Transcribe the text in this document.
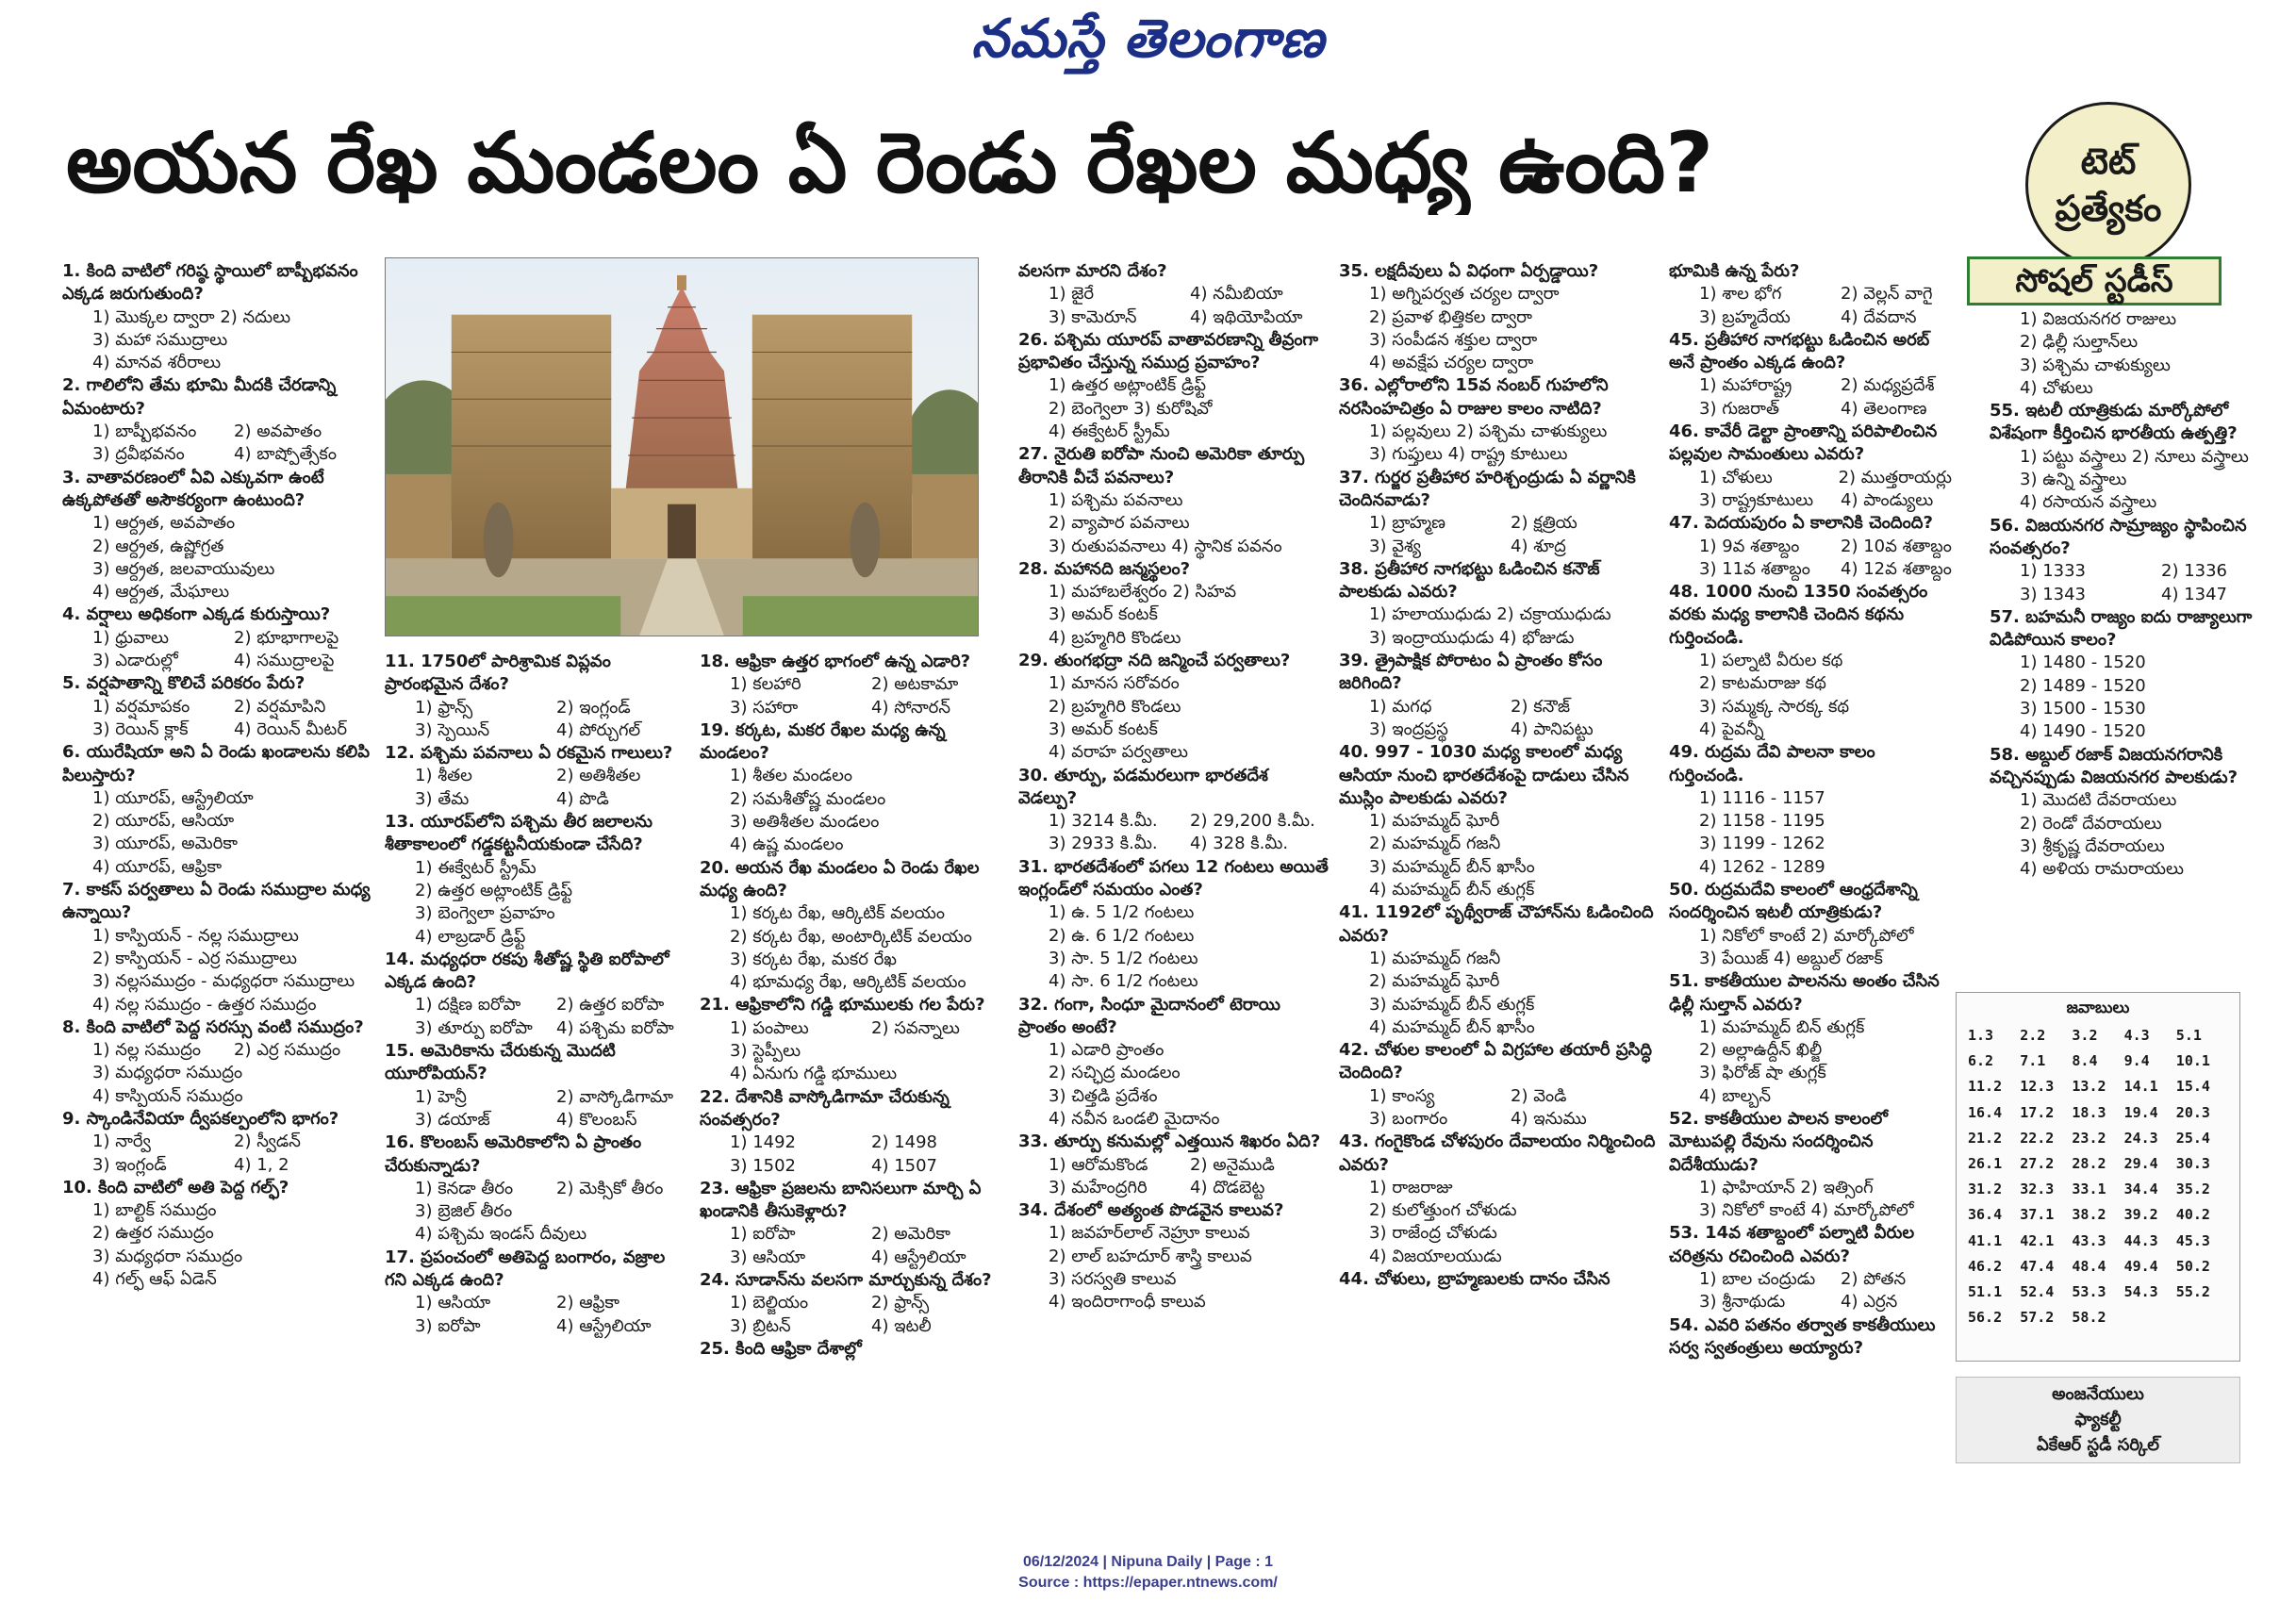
నమస్తే తెలంగాణ
అయన రేఖ మండలం ఏ రెండు రేఖల మధ్య ఉంది?	టెట్
ప్రత్యేకం
సోషల్ స్టడీస్
1. కింది వాటిలో గరిష్ఠ స్థాయిలో బాష్పీభవనం ఎక్కడ జరుగుతుంది?
1) మొక్కల ద్వారా 2) నదులు
3) మహా సముద్రాలు
4) మానవ శరీరాలు
2. గాలిలోని తేమ భూమి మీదకి చేరడాన్ని ఏమంటారు?
1) బాష్పీభవనం	2) అవపాతం
3) ద్రవీభవనం	4) బాష్పోత్సేకం
3. వాతావరణంలో ఏవి ఎక్కువగా ఉంటే ఉక్కపోతతో అసౌకర్యంగా ఉంటుంది?
1) ఆర్ద్రత, అవపాతం
2) ఆర్ద్రత, ఉష్ణోగ్రత
3) ఆర్ద్రత, జలవాయువులు
4) ఆర్ద్రత, మేఘాలు
4. వర్షాలు అధికంగా ఎక్కడ కురుస్తాయి?
1) ధ్రువాలు	2) భూభాగాలపై
3) ఎడారుల్లో	4) సముద్రాలపై
5. వర్షపాతాన్ని కొలిచే పరికరం పేరు?
1) వర్షమాపకం	2) వర్షమాపిని
3) రెయిన్ క్లాక్	4) రెయిన్ మీటర్
6. యురేషియా అని ఏ రెండు ఖండాలను కలిపి పిలుస్తారు?
1) యూరప్, ఆస్ట్రేలియా
2) యూరప్, ఆసియా
3) యూరప్, అమెరికా
4) యూరప్, ఆఫ్రికా
7. కాకస్ పర్వతాలు ఏ రెండు సముద్రాల మధ్య ఉన్నాయి?
1) కాస్పియన్ - నల్ల సముద్రాలు
2) కాస్పియన్ - ఎర్ర సముద్రాలు
3) నల్లసముద్రం - మధ్యధరా సముద్రాలు
4) నల్ల సముద్రం - ఉత్తర సముద్రం
8. కింది వాటిలో పెద్ద సరస్సు వంటి సముద్రం?
1) నల్ల సముద్రం	2) ఎర్ర సముద్రం
3) మధ్యధరా సముద్రం
4) కాస్పియన్ సముద్రం
9. స్కాండినేవియా ద్వీపకల్పంలోని భాగం?
1) నార్వే	2) స్వీడన్
3) ఇంగ్లండ్	4) 1, 2
10. కింది వాటిలో అతి పెద్ద గల్ఫ్?
1) బాల్టిక్ సముద్రం
2) ఉత్తర సముద్రం
3) మధ్యధరా సముద్రం
4) గల్ఫ్ ఆఫ్ ఏడెన్
11. 1750లో పారిశ్రామిక విప్లవం ప్రారంభమైన దేశం?
1) ఫ్రాన్స్	2) ఇంగ్లండ్
3) స్పెయిన్	4) పోర్చుగల్
12. పశ్చిమ పవనాలు ఏ రకమైన గాలులు?
1) శీతల	2) అతిశీతల
3) తేమ	4) పొడి
13. యూరప్‌లోని పశ్చిమ తీర జలాలను శీతాకాలంలో గడ్డకట్టనీయకుండా చేసేది?
1) ఈక్వేటర్ స్ట్రీమ్
2) ఉత్తర అట్లాంటిక్ డ్రిఫ్ట్
3) బెంగ్వెలా ప్రవాహం
4) లాబ్రడార్ డ్రిఫ్ట్
14. మధ్యధరా రకపు శీతోష్ణ స్థితి ఐరోపాలో ఎక్కడ ఉంది?
1) దక్షిణ ఐరోపా	2) ఉత్తర ఐరోపా
3) తూర్పు ఐరోపా	4) పశ్చిమ ఐరోపా
15. అమెరికాను చేరుకున్న మొదటి యూరోపియన్?
1) హెన్రీ	2) వాస్కోడిగామా
3) డయాజ్	4) కొలంబస్
16. కొలంబస్ అమెరికాలోని ఏ ప్రాంతం చేరుకున్నాడు?
1) కెనడా తీరం	2) మెక్సికో తీరం
3) బ్రెజిల్ తీరం
4) పశ్చిమ ఇండస్ దీవులు
17. ప్రపంచంలో అతిపెద్ద బంగారం, వజ్రాల గని ఎక్కడ ఉంది?
1) ఆసియా	2) ఆఫ్రికా
3) ఐరోపా	4) ఆస్ట్రేలియా
18. ఆఫ్రికా ఉత్తర భాగంలో ఉన్న ఎడారి?
1) కలహారి	2) అటకామా
3) సహారా	4) సోనారన్
19. కర్కట, మకర రేఖల మధ్య ఉన్న మండలం?
1) శీతల మండలం
2) సమశీతోష్ణ మండలం
3) అతిశీతల మండలం
4) ఉష్ణ మండలం
20. అయన రేఖ మండలం ఏ రెండు రేఖల మధ్య ఉంది?
1) కర్కట రేఖ, ఆర్కిటిక్ వలయం
2) కర్కట రేఖ, అంటార్కిటిక్ వలయం
3) కర్కట రేఖ, మకర రేఖ
4) భూమధ్య రేఖ, ఆర్కిటిక్ వలయం
21. ఆఫ్రికాలోని గడ్డి భూములకు గల పేరు?
1) పంపాలు	2) సవన్నాలు
3) స్టెప్పీలు
4) ఏనుగు గడ్డి భూములు
22. దేశానికి వాస్కోడిగామా చేరుకున్న సంవత్సరం?
1) 1492	2) 1498
3) 1502	4) 1507
23. ఆఫ్రికా ప్రజలను బానిసలుగా మార్చి ఏ ఖండానికి తీసుకెళ్లారు?
1) ఐరోపా	2) అమెరికా
3) ఆసియా	4) ఆస్ట్రేలియా
24. సూడాన్‌ను వలసగా మార్చుకున్న దేశం?
1) బెల్జియం	2) ఫ్రాన్స్
3) బ్రిటన్	4) ఇటలీ
25. కింది ఆఫ్రికా దేశాల్లో
వలసగా మారని దేశం?
1) జైరే	4) నమీబియా
3) కామెరూన్	4) ఇథియోపియా
26. పశ్చిమ యూరప్ వాతావరణాన్ని తీవ్రంగా ప్రభావితం చేస్తున్న సముద్ర ప్రవాహం?
1) ఉత్తర అట్లాంటిక్ డ్రిఫ్ట్
2) బెంగ్వెలా 3) కురోషివో
4) ఈక్వేటర్ స్ట్రీమ్
27. నైరుతి ఐరోపా నుంచి అమెరికా తూర్పు తీరానికి వీచే పవనాలు?
1) పశ్చిమ పవనాలు
2) వ్యాపార పవనాలు
3) రుతుపవనాలు 4) స్థానిక పవనం
28. మహానది జన్మస్థలం?
1) మహాబలేశ్వరం 2) సిహవ
3) అమర్ కంటక్
4) బ్రహ్మగిరి కొండలు
29. తుంగభద్రా నది జన్మించే పర్వతాలు?
1) మానస సరోవరం
2) బ్రహ్మగిరి కొండలు
3) అమర్ కంటక్
4) వరాహ పర్వతాలు
30. తూర్పు, పడమరలుగా భారతదేశ వెడల్పు?
1) 3214 కి.మీ.	2) 29,200 కి.మీ.
3) 2933 కి.మీ.	4) 328 కి.మీ.
31. భారతదేశంలో పగలు 12 గంటలు అయితే ఇంగ్లండ్‌లో సమయం ఎంత?
1) ఉ. 5 1/2 గంటలు
2) ఉ. 6 1/2 గంటలు
3) సా. 5 1/2 గంటలు
4) సా. 6 1/2 గంటలు
32. గంగా, సింధూ మైదానంలో టెరాయి ప్రాంతం అంటే?
1) ఎడారి ప్రాంతం
2) సచ్ఛిద్ర మండలం
3) చిత్తడి ప్రదేశం
4) నవీన ఒండలి మైదానం
33. తూర్పు కనుమల్లో ఎత్తయిన శిఖరం ఏది?
1) ఆరోమకొండ	2) అనైముడి
3) మహేంద్రగిరి	4) దొడబెట్ట
34. దేశంలో అత్యంత పొడవైన కాలువ?
1) జవహర్‌లాల్ నెహ్రూ కాలువ
2) లాల్ బహదూర్ శాస్త్రి కాలువ
3) సరస్వతి కాలువ
4) ఇందిరాగాంధీ కాలువ
35. లక్షదీవులు ఏ విధంగా ఏర్పడ్డాయి?
1) అగ్నిపర్వత చర్యల ద్వారా
2) ప్రవాళ భిత్తికల ద్వారా
3) సంపీడన శక్తుల ద్వారా
4) అవక్షేప చర్యల ద్వారా
36. ఎల్లోరాలోని 15వ నంబర్ గుహలోని నరసింహచిత్రం ఏ రాజుల కాలం నాటిది?
1) పల్లవులు 2) పశ్చిమ చాళుక్యులు
3) గుప్తులు 4) రాష్ట్ర కూటులు
37. గుర్జర ప్రతీహార హరిశ్చంద్రుడు ఏ వర్ణానికి చెందినవాడు?
1) బ్రాహ్మణ	2) క్షత్రియ
3) వైశ్య	4) శూద్ర
38. ప్రతీహార నాగభట్టు ఓడించిన కనౌజ్ పాలకుడు ఎవరు?
1) హలాయుధుడు 2) చక్రాయుధుడు
3) ఇంద్రాయుధుడు 4) భోజుడు
39. త్రైపాక్షిక పోరాటం ఏ ప్రాంతం కోసం జరిగింది?
1) మగధ	2) కనౌజ్
3) ఇంద్రప్రస్థ	4) పానిపట్టు
40. 997 - 1030 మధ్య కాలంలో మధ్య ఆసియా నుంచి భారతదేశంపై దాడులు చేసిన ముస్లిం పాలకుడు ఎవరు?
1) మహమ్మద్ ఘోరీ
2) మహమ్మద్ గజనీ
3) మహమ్మద్ బీన్ ఖాసీం
4) మహమ్మద్ బీన్ తుగ్లక్
41. 1192లో పృథ్వీరాజ్ చౌహాన్‌ను ఓడించింది ఎవరు?
1) మహమ్మద్ గజనీ
2) మహమ్మద్ ఘోరీ
3) మహమ్మద్ బీన్ తుగ్లక్
4) మహమ్మద్ బీన్ ఖాసీం
42. చోళుల కాలంలో ఏ విగ్రహాల తయారీ ప్రసిద్ధి చెందింది?
1) కాంస్య	2) వెండి
3) బంగారం	4) ఇనుము
43. గంగైకొండ చోళపురం దేవాలయం నిర్మించింది ఎవరు?
1) రాజరాజు
2) కులోత్తుంగ చోళుడు
3) రాజేంద్ర చోళుడు
4) విజయాలయుడు
44. చోళులు, బ్రాహ్మణులకు దానం చేసిన
భూమికి ఉన్న పేరు?
1) శాల భోగ	2) వెల్లన్ వాగై
3) బ్రహ్మదేయ	4) దేవదాన
45. ప్రతీహార నాగభట్టు ఓడించిన అరబ్ అనే ప్రాంతం ఎక్కడ ఉంది?
1) మహారాష్ట్ర	2) మధ్యప్రదేశ్
3) గుజరాత్	4) తెలంగాణ
46. కావేరీ డెల్టా ప్రాంతాన్ని పరిపాలించిన పల్లవుల సామంతులు ఎవరు?
1) చోళులు	2) ముత్తరాయర్లు
3) రాష్ట్రకూటులు	4) పాండ్యులు
47. పెదయపురం ఏ కాలానికి చెందింది?
1) 9వ శతాబ్దం	2) 10వ శతాబ్దం
3) 11వ శతాబ్దం	4) 12వ శతాబ్దం
48. 1000 నుంచి 1350 సంవత్సరం వరకు మధ్య కాలానికి చెందిన కథను గుర్తించండి.
1) పల్నాటి వీరుల కథ
2) కాటమరాజు కథ
3) సమ్మక్క సారక్క కథ
4) పైవన్నీ
49. రుద్రమ దేవి పాలనా కాలం గుర్తించండి.
1) 1116 - 1157
2) 1158 - 1195
3) 1199 - 1262
4) 1262 - 1289
50. రుద్రమదేవి కాలంలో ఆంధ్రదేశాన్ని సందర్శించిన ఇటలీ యాత్రికుడు?
1) నికోలో కాంటే 2) మార్కోపోలో
3) పేయిజ్ 4) అబ్దుల్ రజాక్
51. కాకతీయుల పాలనను అంతం చేసిన ఢిల్లీ సుల్తాన్ ఎవరు?
1) మహమ్మద్ బిన్ తుగ్లక్
2) అల్లాఉద్దీన్ ఖిల్జీ
3) ఫిరోజ్ షా తుగ్లక్
4) బాల్బన్
52. కాకతీయుల పాలన కాలంలో మోటుపల్లి రేవును సందర్శించిన విదేశీయుడు?
1) ఫాహియాన్ 2) ఇత్సింగ్
3) నికోలో కాంటే 4) మార్కోపోలో
53. 14వ శతాబ్దంలో పల్నాటి వీరుల చరిత్రను రచించింది ఎవరు?
1) బాల చంద్రుడు	2) పోతన
3) శ్రీనాథుడు	4) ఎర్రన
54. ఎవరి పతనం తర్వాత కాకతీయులు సర్వ స్వతంత్రులు అయ్యారు?
1) విజయనగర రాజులు
2) ఢిల్లీ సుల్తాన్‌లు
3) పశ్చిమ చాళుక్యులు
4) చోళులు
55. ఇటలీ యాత్రికుడు మార్కోపోలో విశేషంగా కీర్తించిన భారతీయ ఉత్పత్తి?
1) పట్టు వస్త్రాలు 2) నూలు వస్త్రాలు
3) ఉన్ని వస్త్రాలు
4) రసాయన వస్త్రాలు
56. విజయనగర సామ్రాజ్యం స్థాపించిన సంవత్సరం?
1) 1333	2) 1336
3) 1343	4) 1347
57. బహమనీ రాజ్యం ఐదు రాజ్యాలుగా విడిపోయిన కాలం?
1) 1480 - 1520
2) 1489 - 1520
3) 1500 - 1530
4) 1490 - 1520
58. అబ్దుల్ రజాక్ విజయనగరానికి వచ్చినప్పుడు విజయనగర పాలకుడు?
1) మొదటి దేవరాయలు
2) రెండో దేవరాయలు
3) శ్రీకృష్ణ దేవరాయలు
4) అళియ రామరాయలు
జవాబులు
1.3	2.2	3.2	4.3	5.1
6.2	7.1	8.4	9.4	10.1
11.2	12.3	13.2	14.1	15.4
16.4	17.2	18.3	19.4	20.3
21.2	22.2	23.2	24.3	25.4
26.1	27.2	28.2	29.4	30.3
31.2	32.3	33.1	34.4	35.2
36.4	37.1	38.2	39.2	40.2
41.1	42.1	43.3	44.3	45.3
46.2	47.4	48.4	49.4	50.2
51.1	52.4	53.3	54.3	55.2
56.2	57.2	58.2
అంజనేయులు
ఫ్యాకల్టీ
ఏకేఆర్ స్టడీ సర్కిల్
06/12/2024 | Nipuna Daily | Page : 1
Source : https://epaper.ntnews.com/
